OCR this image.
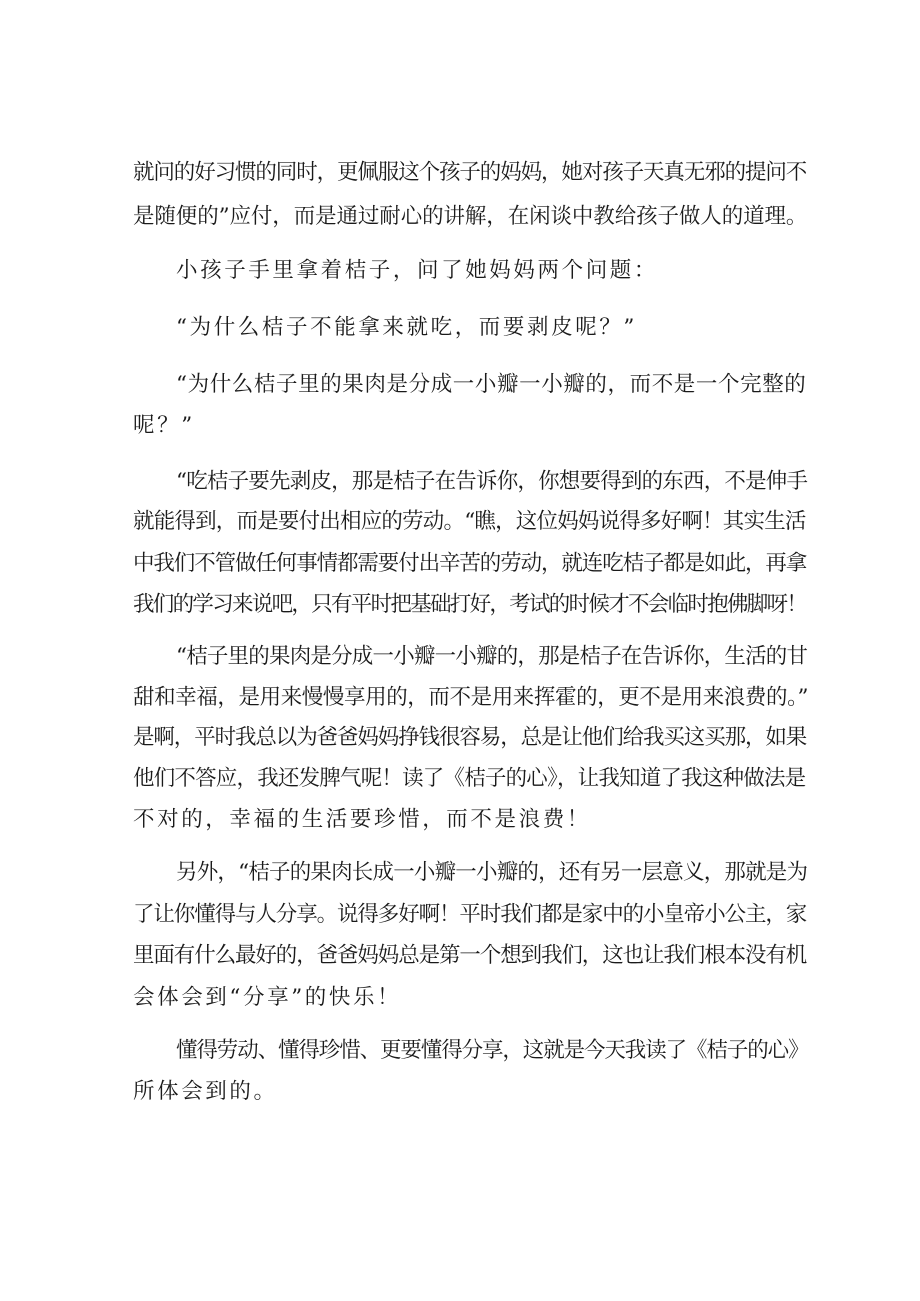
就问的好习惯的同时，更佩服这个孩子的妈妈，她对孩子天真无邪的提问不
是随便的”应付，而是通过耐心的讲解，在闲谈中教给孩子做人的道理。
小孩子手里拿着桔子，问了她妈妈两个问题：
“为什么桔子不能拿来就吃，而要剥皮呢？”
“为什么桔子里的果肉是分成一小瓣一小瓣的，而不是一个完整的
呢？”
“吃桔子要先剥皮，那是桔子在告诉你，你想要得到的东西，不是伸手
就能得到，而是要付出相应的劳动。“瞧，这位妈妈说得多好啊！其实生活
中我们不管做任何事情都需要付出辛苦的劳动，就连吃桔子都是如此，再拿
我们的学习来说吧，只有平时把基础打好，考试的时候才不会临时抱佛脚呀！
“桔子里的果肉是分成一小瓣一小瓣的，那是桔子在告诉你，生活的甘
甜和幸福，是用来慢慢享用的，而不是用来挥霍的，更不是用来浪费的。”
是啊，平时我总以为爸爸妈妈挣钱很容易，总是让他们给我买这买那，如果
他们不答应，我还发脾气呢！读了《桔子的心》，让我知道了我这种做法是
不对的，幸福的生活要珍惜，而不是浪费！
另外，“桔子的果肉长成一小瓣一小瓣的，还有另一层意义，那就是为
了让你懂得与人分享。说得多好啊！平时我们都是家中的小皇帝小公主，家
里面有什么最好的，爸爸妈妈总是第一个想到我们，这也让我们根本没有机
会体会到“分享”的快乐！
懂得劳动、懂得珍惜、更要懂得分享，这就是今天我读了《桔子的心》
所体会到的。
